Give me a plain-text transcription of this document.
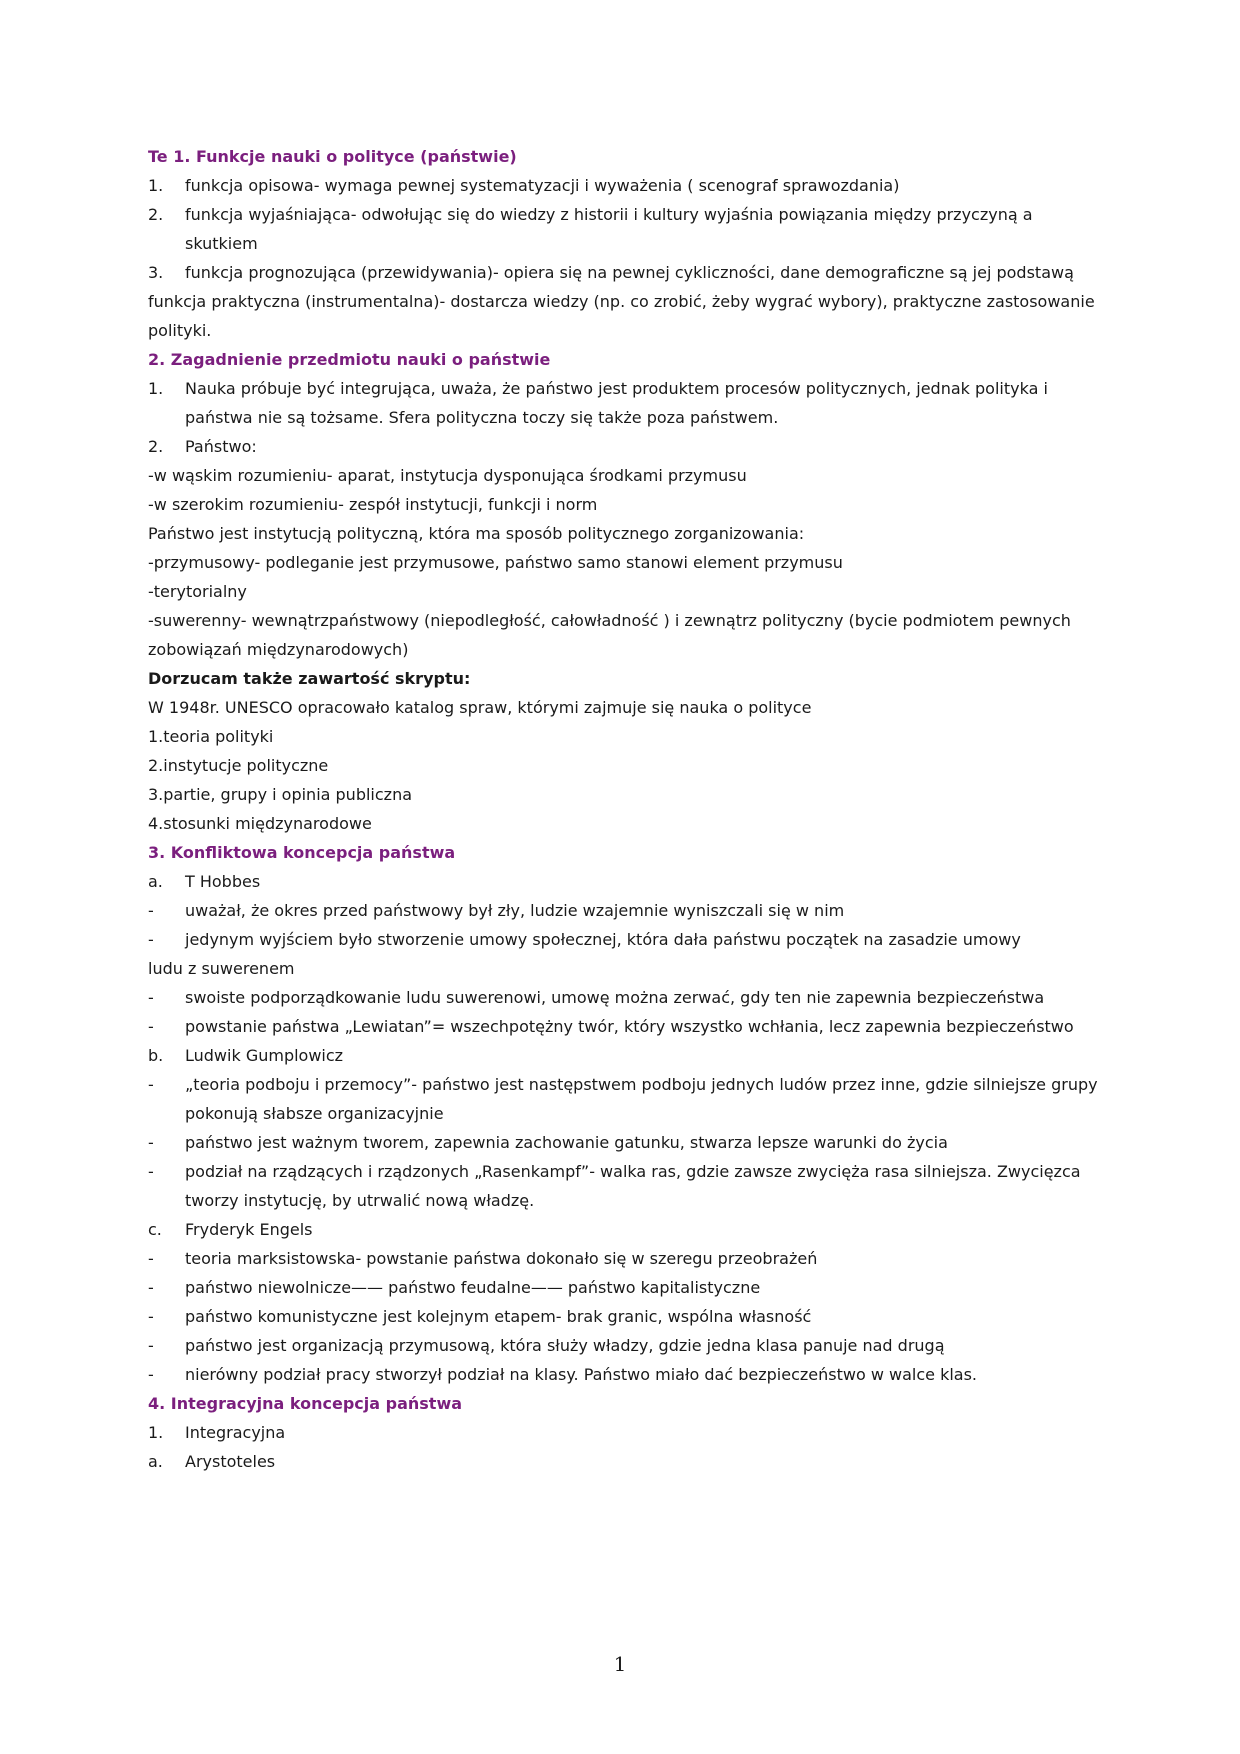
Te 1. Funkcje nauki o polityce (państwie)

1.	funkcja opisowa- wymaga pewnej systematyzacji i wyważenia ( scenograf sprawozdania)
2.	funkcja wyjaśniająca- odwołując się do wiedzy z historii i kultury wyjaśnia powiązania między przyczyną a skutkiem
3.	funkcja prognozująca (przewidywania)- opiera się na pewnej cykliczności, dane demograficzne są jej podstawą

funkcja praktyczna (instrumentalna)- dostarcza wiedzy (np. co zrobić, żeby wygrać wybory), praktyczne zastosowanie polityki.

2. Zagadnienie przedmiotu nauki o państwie

1.	Nauka próbuje być integrująca, uważa, że państwo jest produktem procesów politycznych, jednak polityka i państwa nie są tożsame. Sfera polityczna toczy się także poza państwem.
2.	Państwo:

-w wąskim rozumieniu- aparat, instytucja dysponująca środkami przymusu

-w szerokim rozumieniu- zespół instytucji, funkcji i norm

Państwo jest instytucją polityczną, która ma sposób politycznego zorganizowania:

-przymusowy- podleganie jest przymusowe, państwo samo stanowi element przymusu

-terytorialny

-suwerenny- wewnątrzpaństwowy (niepodległość, całowładność ) i zewnątrz polityczny (bycie podmiotem pewnych zobowiązań międzynarodowych)

Dorzucam także zawartość skryptu:

W 1948r. UNESCO opracowało katalog spraw, którymi zajmuje się nauka o polityce

1.teoria polityki

2.instytucje polityczne

3.partie, grupy i opinia publiczna

4.stosunki międzynarodowe

3. Konfliktowa koncepcja państwa

a.	T Hobbes
-	uważał, że okres przed państwowy był zły, ludzie wzajemnie wyniszczali się w nim
-	jedynym wyjściem było stworzenie umowy społecznej, która dała państwu początek na zasadzie umowy

ludu z suwerenem

-	swoiste podporządkowanie ludu suwerenowi, umowę można zerwać, gdy ten nie zapewnia bezpieczeństwa
-	powstanie państwa „Lewiatan”= wszechpotężny twór, który wszystko wchłania, lecz zapewnia bezpieczeństwo
b.	Ludwik Gumplowicz
-	„teoria podboju i przemocy”- państwo jest następstwem podboju jednych ludów przez inne, gdzie silniejsze grupy pokonują słabsze organizacyjnie
-	państwo jest ważnym tworem, zapewnia zachowanie gatunku, stwarza lepsze warunki do życia
-	podział na rządzących i rządzonych „Rasenkampf”- walka ras, gdzie zawsze zwycięża rasa silniejsza. Zwycięzca tworzy instytucję, by utrwalić nową władzę.
c.	Fryderyk Engels
-	teoria marksistowska- powstanie państwa dokonało się w szeregu przeobrażeń
-	państwo niewolnicze—— państwo feudalne—— państwo kapitalistyczne
-	państwo komunistyczne jest kolejnym etapem- brak granic, wspólna własność
-	państwo jest organizacją przymusową, która służy władzy, gdzie jedna klasa panuje nad drugą
-	nierówny podział pracy stworzył podział na klasy. Państwo miało dać bezpieczeństwo w walce klas.

4. Integracyjna koncepcja państwa

1.	Integracyjna
a.	Arystoteles
1
